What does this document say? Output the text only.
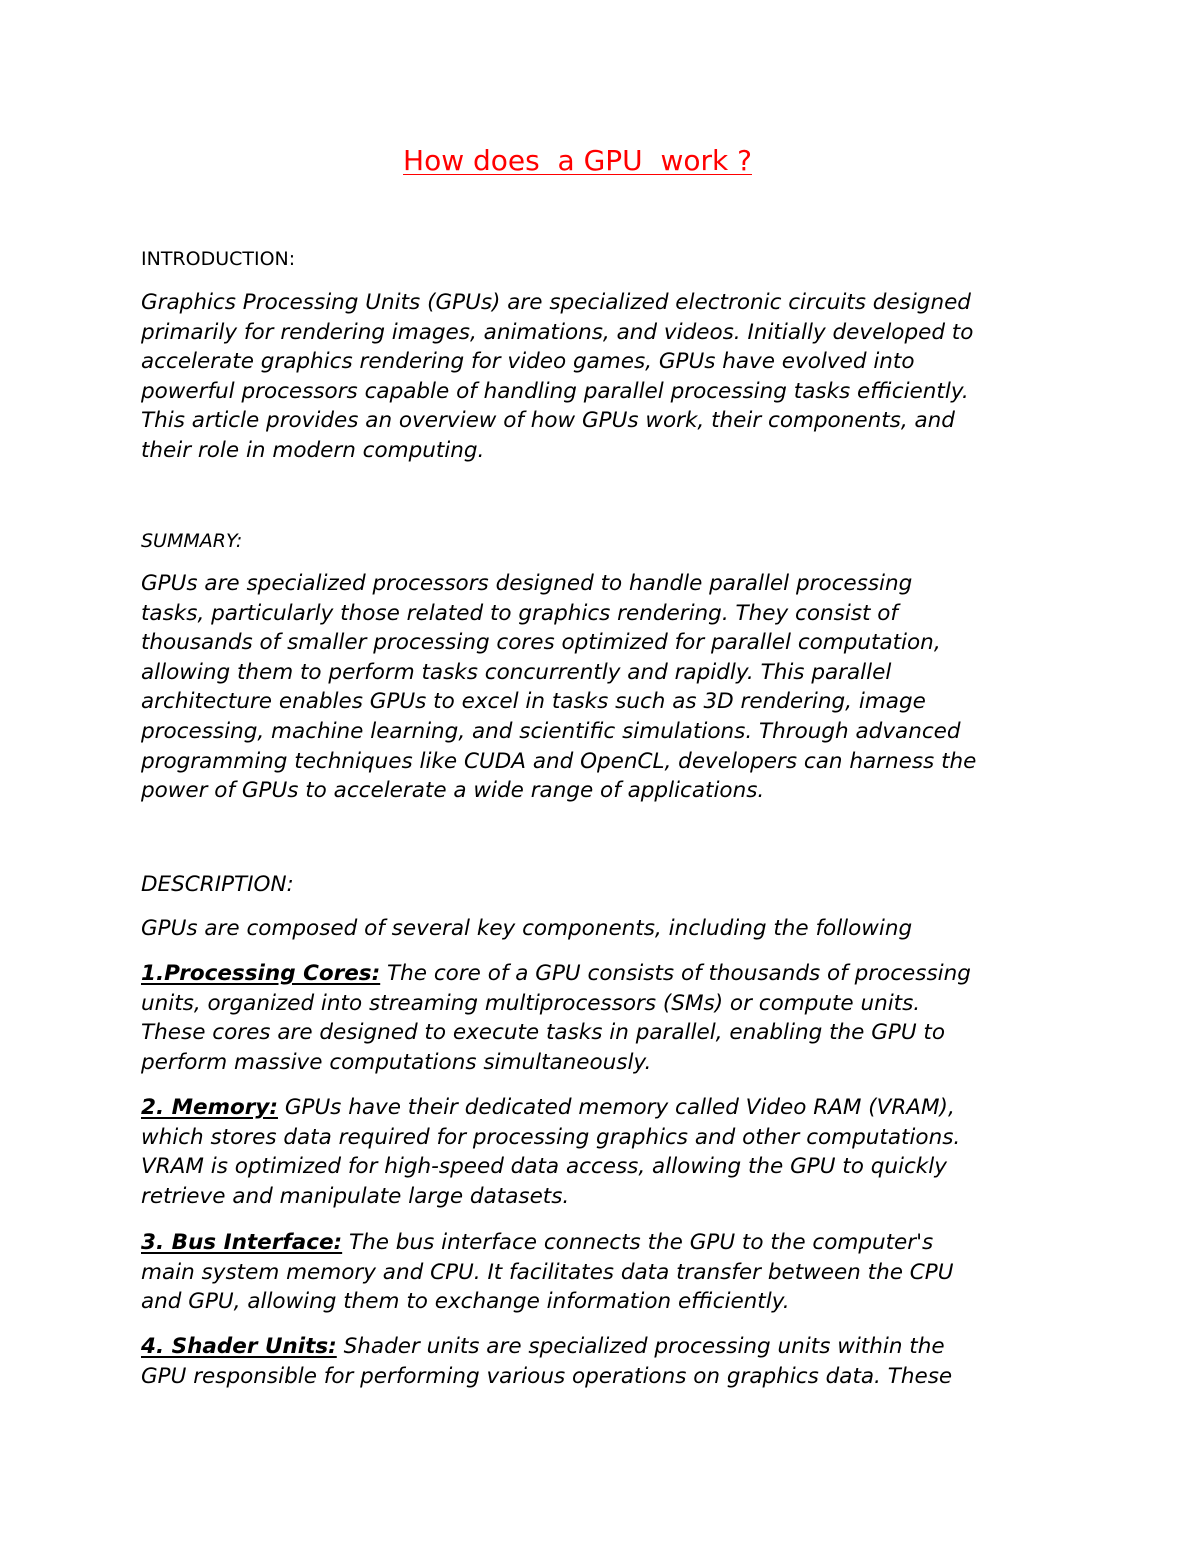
How does  a GPU  work ?
INTRODUCTION:
Graphics Processing Units (GPUs) are specialized electronic circuits designed
primarily for rendering images, animations, and videos. Initially developed to
accelerate graphics rendering for video games, GPUs have evolved into
powerful processors capable of handling parallel processing tasks efficiently.
This article provides an overview of how GPUs work, their components, and
their role in modern computing.
SUMMARY:
GPUs are specialized processors designed to handle parallel processing
tasks, particularly those related to graphics rendering. They consist of
thousands of smaller processing cores optimized for parallel computation,
allowing them to perform tasks concurrently and rapidly. This parallel
architecture enables GPUs to excel in tasks such as 3D rendering, image
processing, machine learning, and scientific simulations. Through advanced
programming techniques like CUDA and OpenCL, developers can harness the
power of GPUs to accelerate a wide range of applications.
DESCRIPTION:
GPUs are composed of several key components, including the following
1.Processing Cores: The core of a GPU consists of thousands of processing
units, organized into streaming multiprocessors (SMs) or compute units.
These cores are designed to execute tasks in parallel, enabling the GPU to
perform massive computations simultaneously.
2. Memory: GPUs have their dedicated memory called Video RAM (VRAM),
which stores data required for processing graphics and other computations.
VRAM is optimized for high-speed data access, allowing the GPU to quickly
retrieve and manipulate large datasets.
3. Bus Interface: The bus interface connects the GPU to the computer's
main system memory and CPU. It facilitates data transfer between the CPU
and GPU, allowing them to exchange information efficiently.
4. Shader Units: Shader units are specialized processing units within the
GPU responsible for performing various operations on graphics data. These
